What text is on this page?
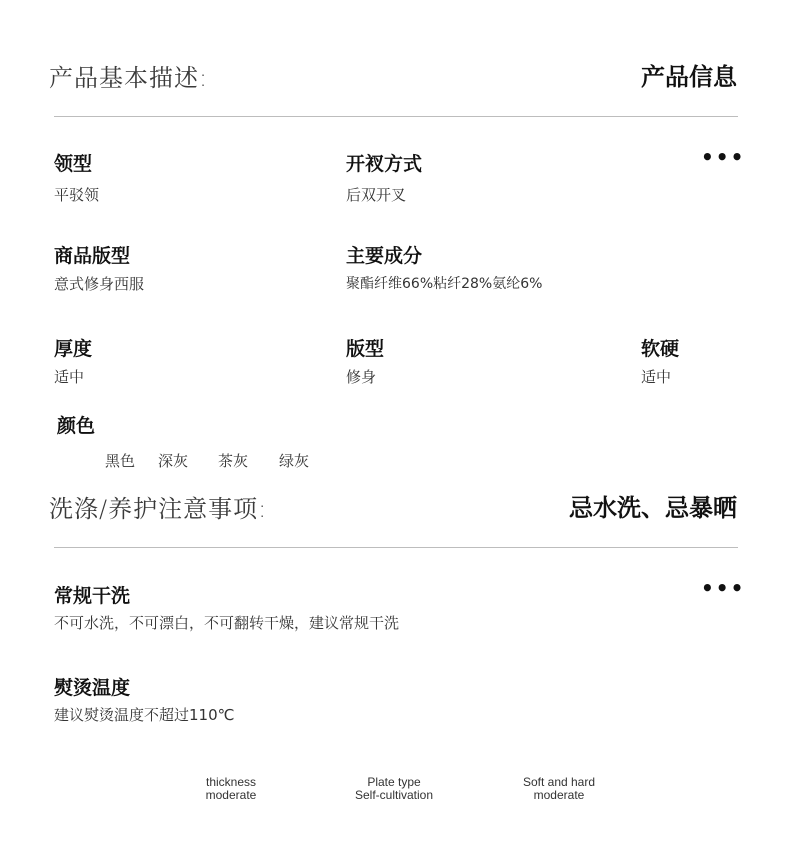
产品基本描述:	产品信息
•••
领型
平驳领
开衩方式
后双开叉
商品版型
意式修身西服
主要成分
聚酯纤维66%粘纤28%氨纶6%
厚度
适中
版型
修身
软硬
适中
颜色
黑色 深灰 茶灰 绿灰
洗涤/养护注意事项:	忌水洗、忌暴晒
•••
常规干洗
不可水洗，不可漂白，不可翻转干燥，建议常规干洗
熨烫温度
建议熨烫温度不超过110℃
thickness
moderate
Plate type
Self-cultivation
Soft and hard
moderate
